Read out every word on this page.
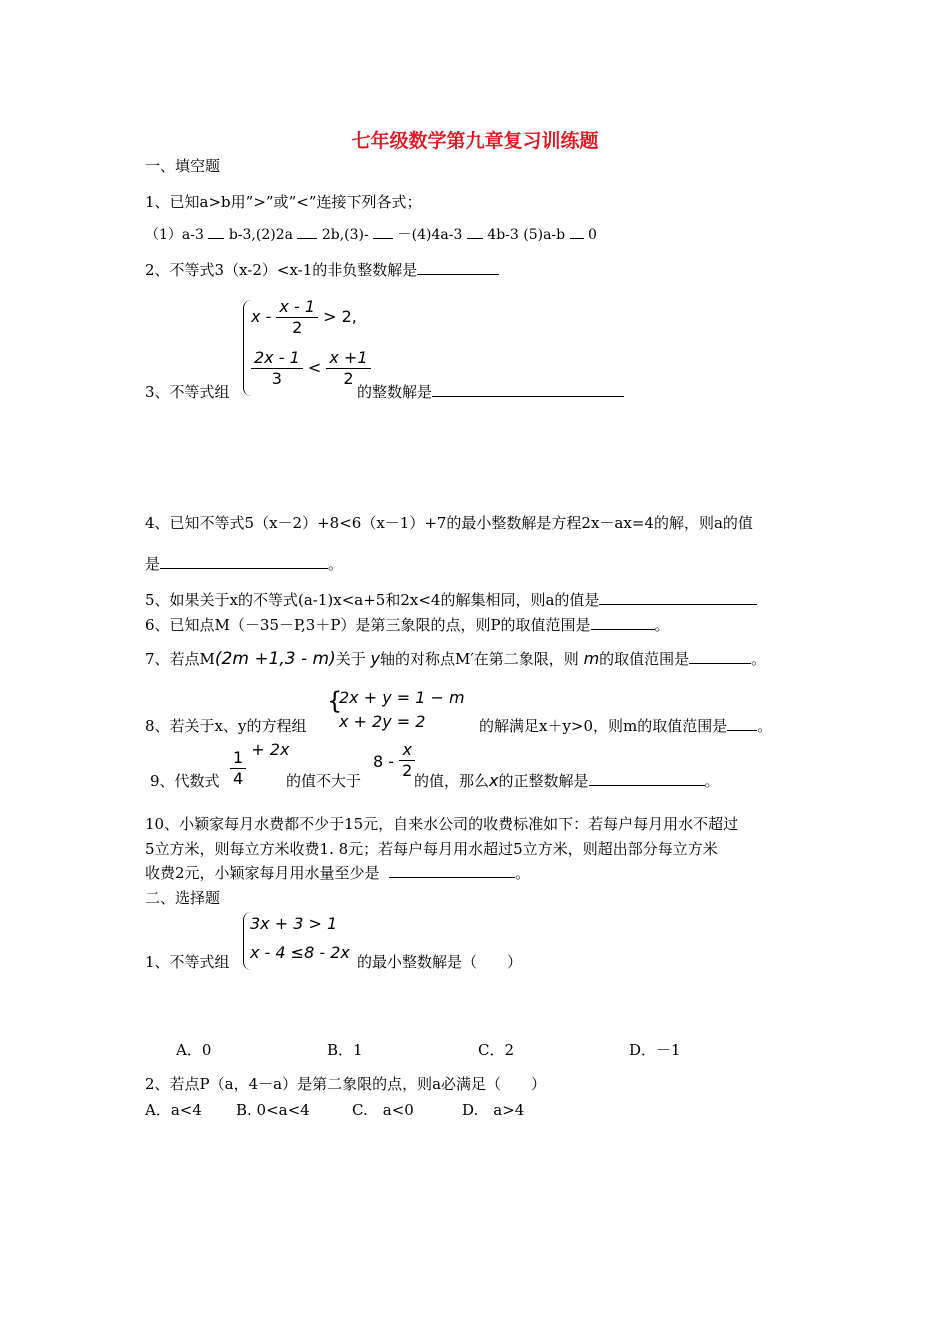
七年级数学第九章复习训练题
一、填空题
1、已知a>b用”>”或”<”连接下列各式；
（1）a-3 b-3,(2)2a 2b,(3)- －(4)4a-3 4b-3 (5)a-b 0
2、不等式3（x-2）<x-1的非负整数解是
$x - \frac{x - 1}{2} > 2$,
$\frac{2x - 1}{3} < \frac{x +1}{2}$
3、不等式组	的整数解是
4、已知不等式5（x－2）+8<6（x－1）+7的最小整数解是方程2x－ax=4的解，则a的值
是	。
5、如果关于x的不等式(a-1)x<a+5和2x<4的解集相同，则a的值是
6、已知点M（－35－P,3＋P）是第三象限的点，则P的取值范围是	。
7、若点M(2m +1,3 - m)关于 y轴的对称点M′在第二象限，则 m的取值范围是	。
{
2x + y = 1 − m
x + 2y = 2
8、若关于x、y的方程组	的解满足x＋y>0，则m的取值范围是 。
9、代数式 $\frac{1}{4} + 2x$
的值不大于
$8 - \frac{x}{2}$
的值，那么x的正整数解是	。
10、小颖家每月水费都不少于15元，自来水公司的收费标准如下：若每户每月用水不超过
5立方米，则每立方米收费1. 8元；若每户每月用水超过5立方米，则超出部分每立方米
收费2元，小颖家每月用水量至少是	。
二、选择题
3x + 3 > 1
x - 4 ≤8 - 2x
1、不等式组	的最小整数解是（　　）
A．0	B．1	C．2	D．－1
2、若点P（a，4－a）是第二象限的点，则a必满足（　　）
A．a<4 B. 0<a<4	C.　a<0	D.　a>4
